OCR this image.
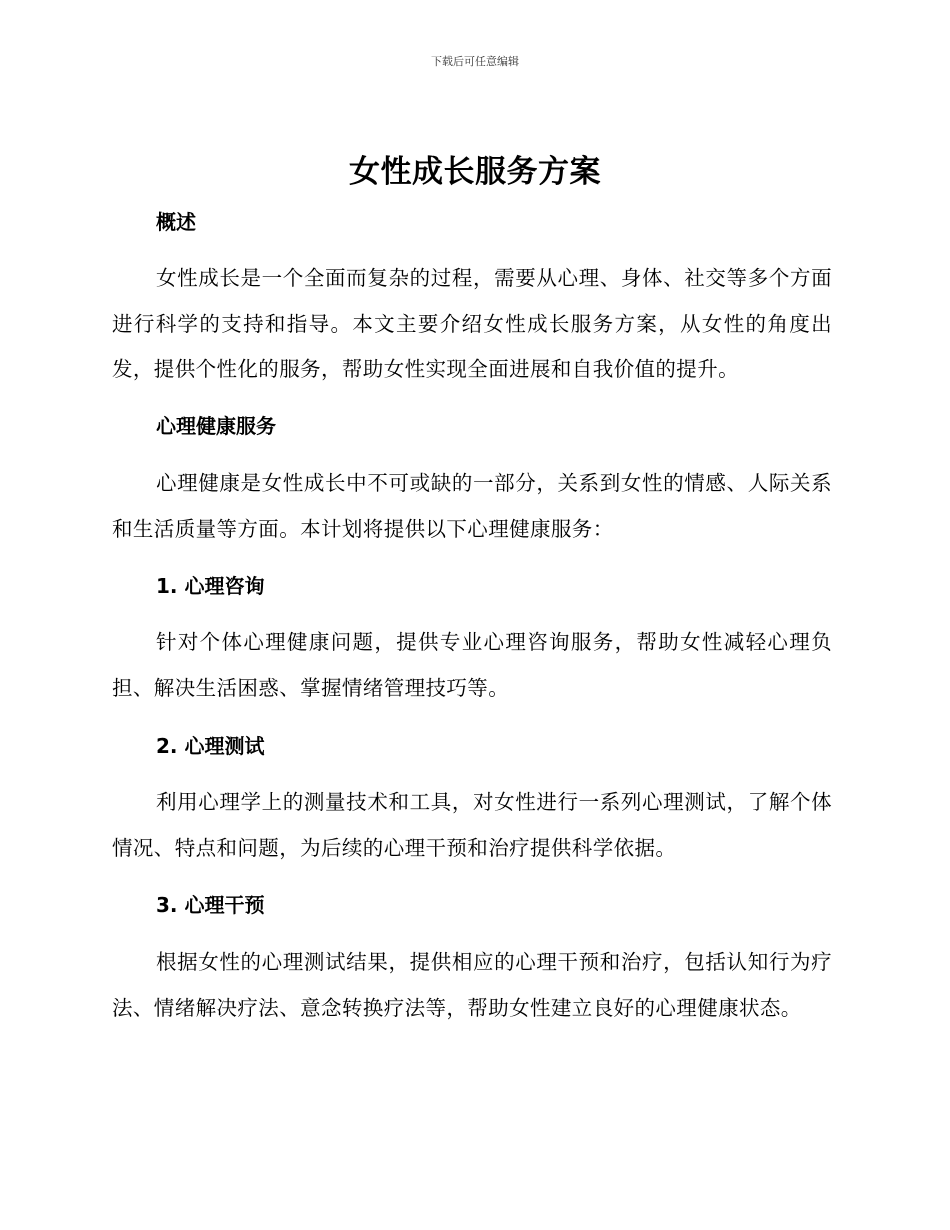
下载后可任意编辑
女性成长服务方案
概述

女性成长是一个全面而复杂的过程，需要从心理、身体、社交等多个方面进行科学的支持和指导。本文主要介绍女性成长服务方案，从女性的角度出发，提供个性化的服务，帮助女性实现全面进展和自我价值的提升。

心理健康服务

心理健康是女性成长中不可或缺的一部分，关系到女性的情感、人际关系和生活质量等方面。本计划将提供以下心理健康服务：

1. 心理咨询

针对个体心理健康问题，提供专业心理咨询服务，帮助女性减轻心理负担、解决生活困惑、掌握情绪管理技巧等。

2. 心理测试

利用心理学上的测量技术和工具，对女性进行一系列心理测试，了解个体情况、特点和问题，为后续的心理干预和治疗提供科学依据。

3. 心理干预

根据女性的心理测试结果，提供相应的心理干预和治疗，包括认知行为疗法、情绪解决疗法、意念转换疗法等，帮助女性建立良好的心理健康状态。
